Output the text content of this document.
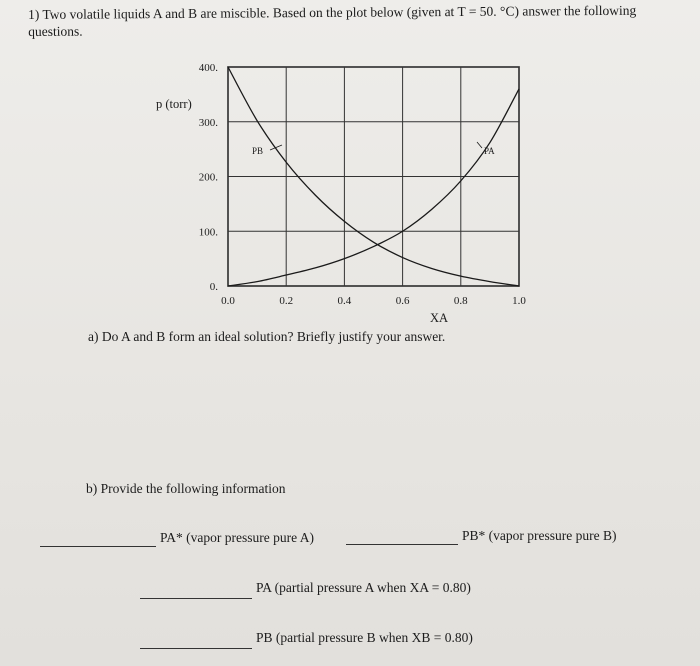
1) Two volatile liquids A and B are miscible. Based on the plot below (given at T = 50. °C) answer the following questions.
p (torr)
XA
0.0	0.2	0.4	0.6	0.8	1.0
0.
100.
200.
300.
400.
PB	PA
a) Do A and B form an ideal solution? Briefly justify your answer.
b) Provide the following information
PA* (vapor pressure pure A)	PB* (vapor pressure pure B)
PA (partial pressure A when XA = 0.80)
PB (partial pressure B when XB = 0.80)
